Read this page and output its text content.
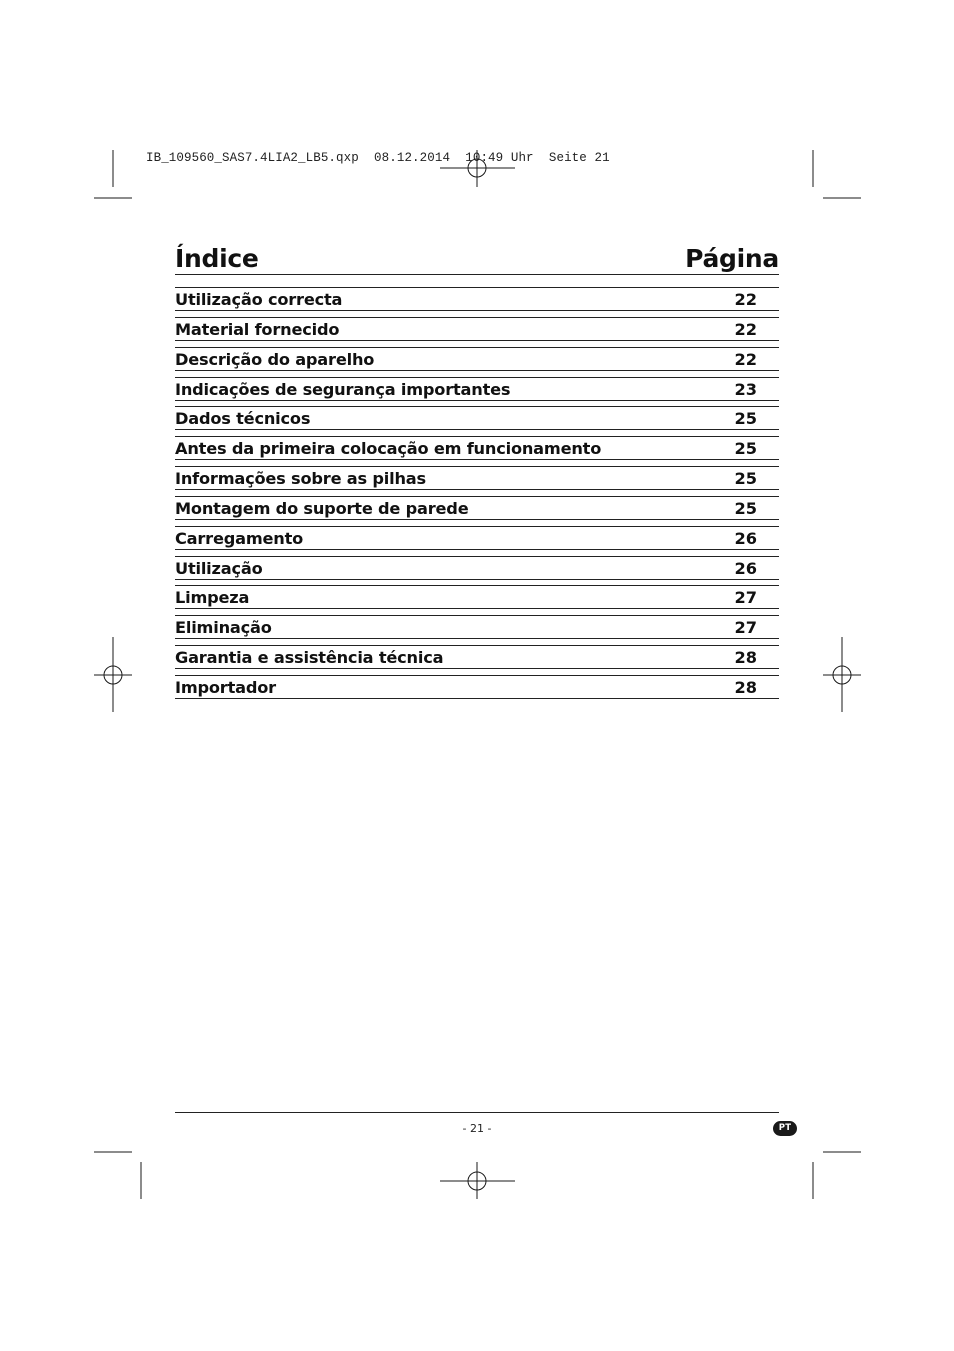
IB_109560_SAS7.4LIA2_LB5.qxp  08.12.2014  10:49 Uhr  Seite 21
Índice	Página
Utilização correcta	22
Material fornecido	22
Descrição do aparelho	22
Indicações de segurança importantes	23
Dados técnicos	25
Antes da primeira colocação em funcionamento	25
Informações sobre as pilhas	25
Montagem do suporte de parede	25
Carregamento	26
Utilização	26
Limpeza	27
Eliminação	27
Garantia e assistência técnica	28
Importador	28
- 21 -	PT
